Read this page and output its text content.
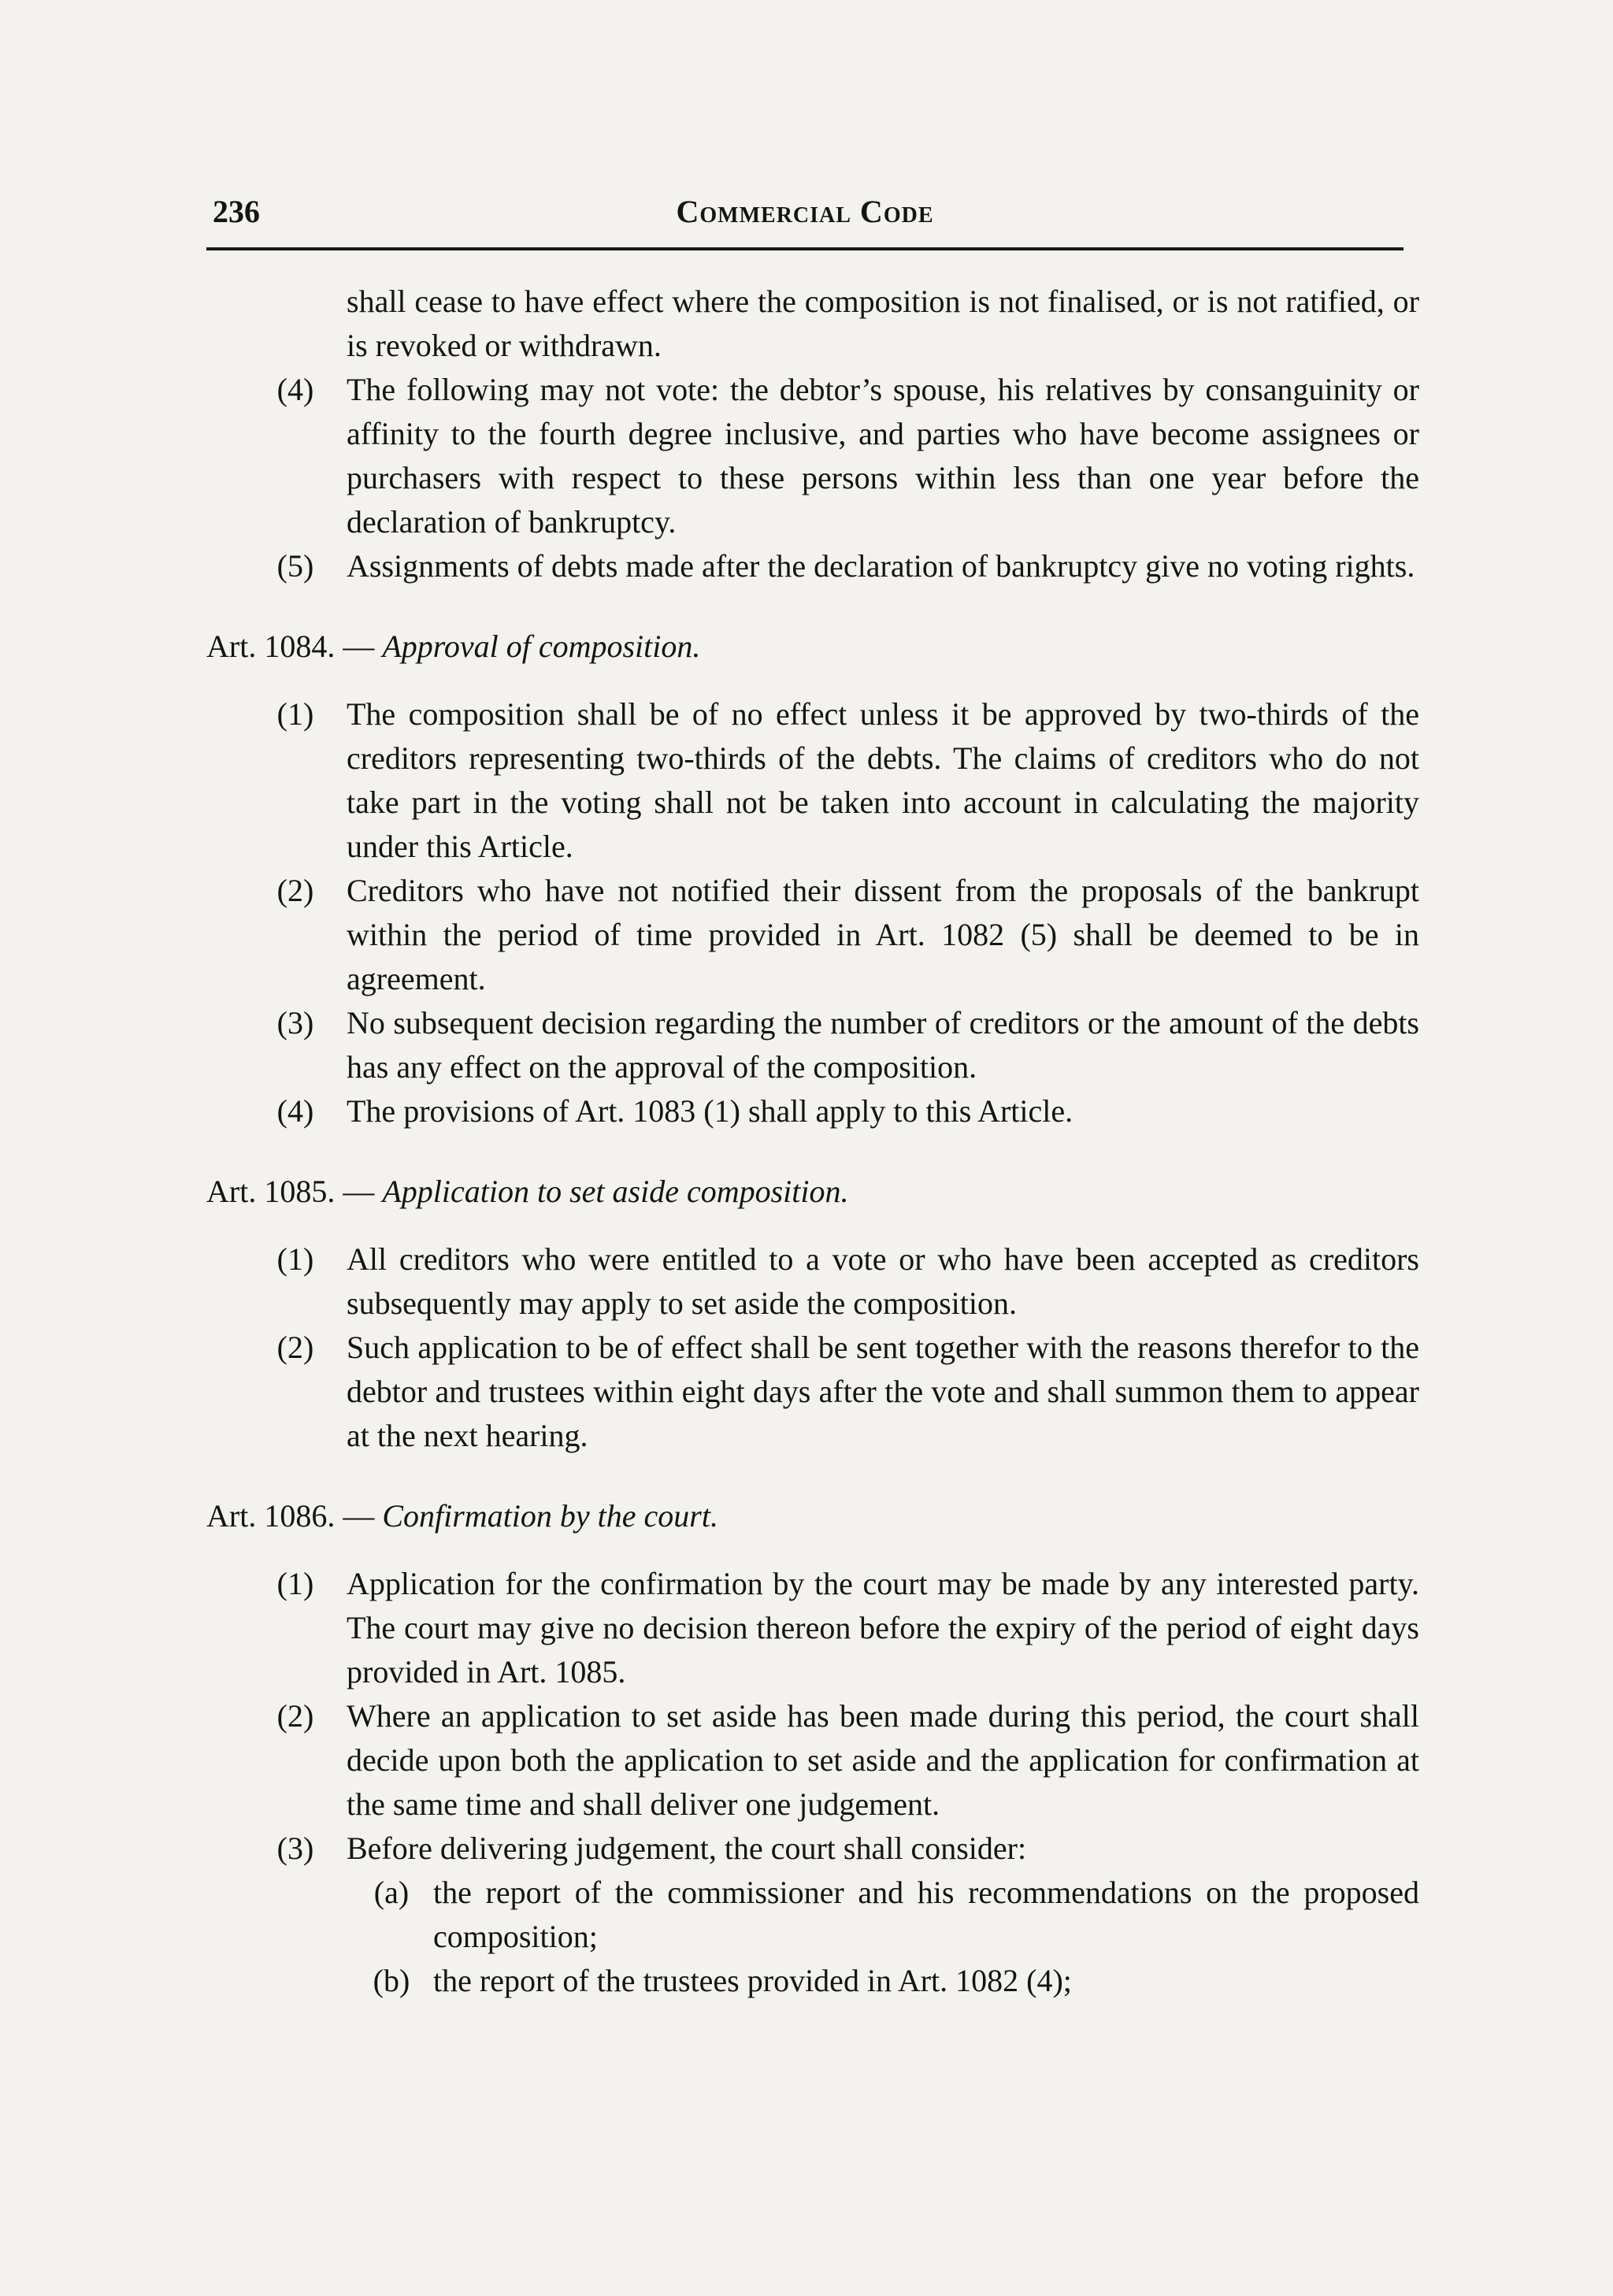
236	Commercial Code

shall cease to have effect where the composition is not finalised, or is not ratified, or is revoked or withdrawn.

(4)	The following may not vote: the debtor’s spouse, his relatives by consanguinity or affinity to the fourth degree inclusive, and parties who have become assignees or purchasers with respect to these persons within less than one year before the declaration of bankruptcy.
(5)	Assignments of debts made after the declaration of bankruptcy give no voting rights.
Art. 1084. — Approval of composition.
(1)	The composition shall be of no effect unless it be approved by two-thirds of the creditors representing two-thirds of the debts. The claims of creditors who do not take part in the voting shall not be taken into account in calculating the majority under this Article.
(2)	Creditors who have not notified their dissent from the proposals of the bankrupt within the period of time provided in Art. 1082 (5) shall be deemed to be in agreement.
(3)	No subsequent decision regarding the number of creditors or the amount of the debts has any effect on the approval of the composition.
(4)	The provisions of Art. 1083 (1) shall apply to this Article.
Art. 1085. — Application to set aside composition.
(1)	All creditors who were entitled to a vote or who have been accepted as creditors subsequently may apply to set aside the composition.
(2)	Such application to be of effect shall be sent together with the reasons therefor to the debtor and trustees within eight days after the vote and shall summon them to appear at the next hearing.
Art. 1086. — Confirmation by the court.
(1)	Application for the confirmation by the court may be made by any interested party. The court may give no decision thereon before the expiry of the period of eight days provided in Art. 1085.
(2)	Where an application to set aside has been made during this period, the court shall decide upon both the application to set aside and the application for confirmation at the same time and shall deliver one judgement.
(3)	Before delivering judgement, the court shall consider:
(a) the report of the commissioner and his recommendations on the proposed composition;
(b) the report of the trustees provided in Art. 1082 (4);
